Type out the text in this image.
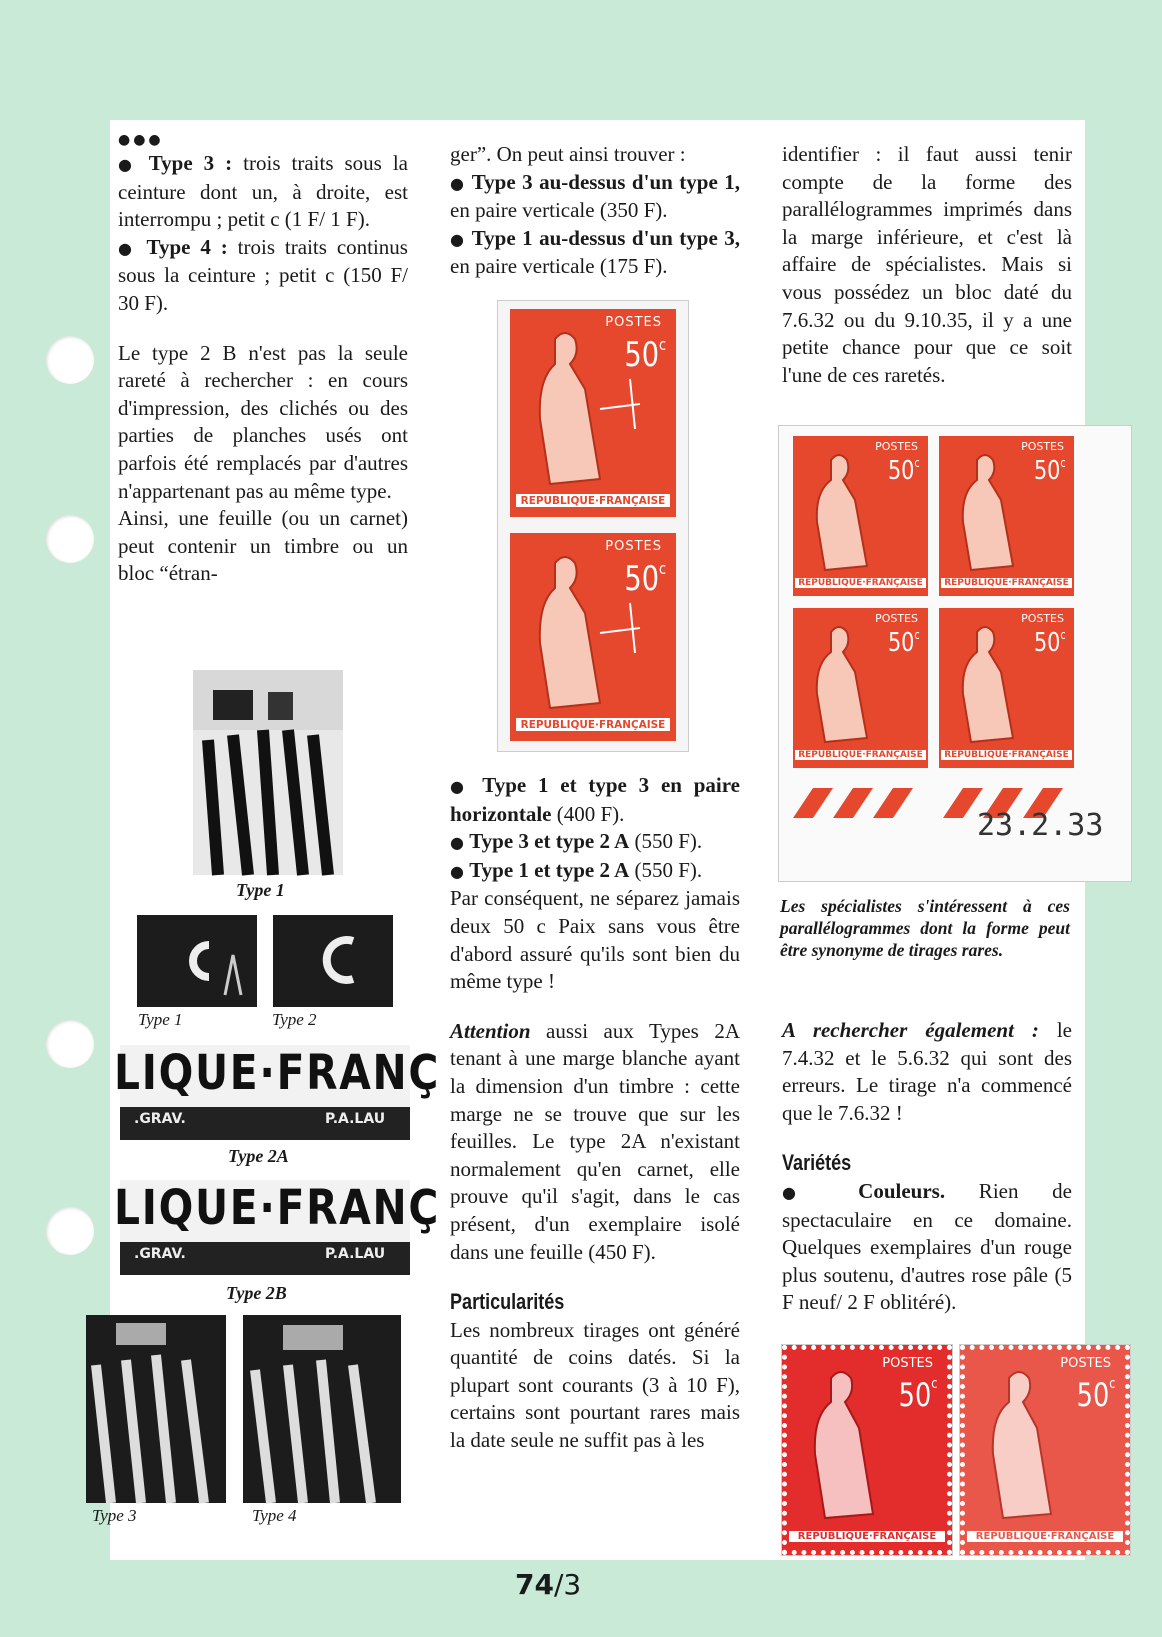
●●●

● Type 3 : trois traits sous la ceinture dont un, à droite, est interrompu ; petit c (1 F/ 1 F).

● Type 4 : trois traits continus sous la ceinture ; petit c (150 F/ 30 F).

Le type 2 B n'est pas la seule rareté à rechercher : en cours d'impression, des clichés ou des parties de planches usés ont parfois été remplacés par d'autres n'appartenant pas au même type.

Ainsi, une feuille (ou un carnet) peut contenir un timbre ou un bloc “étran-

Type 1
Type 1	Type 2
LIQUE·FRANÇ
.GRAV.	P.A.LAU
Type 2A
LIQUE·FRANÇ
.GRAV.	P.A.LAU
Type 2B
Type 3	Type 4

ger”. On peut ainsi trouver :

● Type 3 au-dessus d'un type 1, en paire verticale (350 F).

● Type 1 au-dessus d'un type 3, en paire verticale (175 F).

POSTES
50$^c$
REPUBLIQUE·FRANÇAISE
POSTES
50$^c$
REPUBLIQUE·FRANÇAISE

● Type 1 et type 3 en paire horizontale (400 F).

● Type 3 et type 2 A (550 F).

● Type 1 et type 2 A (550 F).

Par conséquent, ne séparez jamais deux 50 c Paix sans vous être d'abord assuré qu'ils sont bien du même type !

Attention aussi aux Types 2A tenant à une marge blanche ayant la dimension d'un timbre : cette marge ne se trouve que sur les feuilles. Le type 2A n'existant normalement qu'en carnet, elle prouve qu'il s'agit, dans le cas présent, d'un exemplaire isolé dans une feuille (450 F).

Particularités

Les nombreux tirages ont généré quantité de coins datés. Si la plupart sont courants (3 à 10 F), certains sont pourtant rares mais la date seule ne suffit pas à les

identifier : il faut aussi tenir compte de la forme des parallélogrammes imprimés dans la marge inférieure, et c'est là affaire de spécialistes. Mais si vous possédez un bloc daté du 7.6.32 ou du 9.10.35, il y a une petite chance pour que ce soit l'une de ces raretés.

POSTES
50$^c$
REPUBLIQUE·FRANÇAISE
POSTES
50$^c$
REPUBLIQUE·FRANÇAISE
POSTES
50$^c$
REPUBLIQUE·FRANÇAISE
POSTES
50$^c$
REPUBLIQUE·FRANÇAISE
23.2.33
Les spécialistes s'intéressent à ces parallélogrammes dont la forme peut être synonyme de tirages rares.

A rechercher également : le 7.4.32 et le 5.6.32 qui sont des erreurs. Le tirage n'a commencé que le 7.6.32 !

Variétés

● Couleurs. Rien de spectaculaire en ce domaine. Quelques exemplaires d'un rouge plus soutenu, d'autres rose pâle (5 F neuf/ 2 F oblitéré).

POSTES
50$^c$
REPUBLIQUE·FRANÇAISE
POSTES
50$^c$
REPUBLIQUE·FRANÇAISE
74/3
